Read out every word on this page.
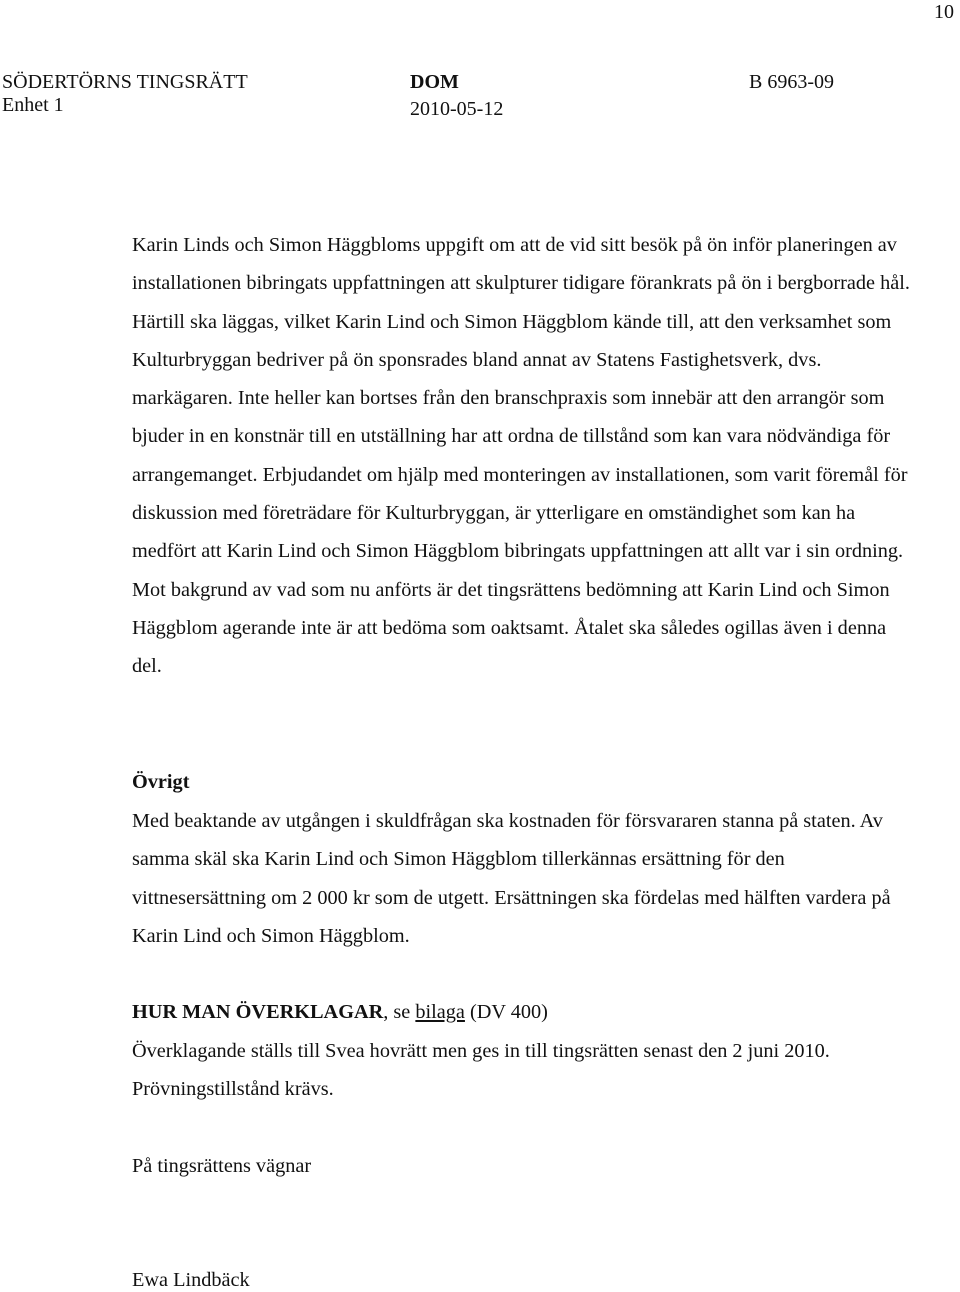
10
SÖDERTÖRNS TINGSRÄTT
Enhet 1
DOM
2010-05-12
B 6963-09

Karin Linds och Simon Häggbloms uppgift om att de vid sitt besök på ön inför planeringen av installationen bibringats uppfattningen att skulpturer tidigare förankrats på ön i bergborrade hål. Härtill ska läggas, vilket Karin Lind och Simon Häggblom kände till, att den verksamhet som Kulturbryggan bedriver på ön sponsrades bland annat av Statens Fastighetsverk, dvs. markägaren. Inte heller kan bortses från den branschpraxis som innebär att den arrangör som bjuder in en konstnär till en utställning har att ordna de tillstånd som kan vara nödvändiga för arrangemanget. Erbjudandet om hjälp med monteringen av installationen, som varit föremål för diskussion med företrädare för Kulturbryggan, är ytterligare en omständighet som kan ha medfört att Karin Lind och Simon Häggblom bibringats uppfattningen att allt var i sin ordning. Mot bakgrund av vad som nu anförts är det tingsrättens bedömning att Karin Lind och Simon Häggblom agerande inte är att bedöma som oaktsamt. Åtalet ska således ogillas även i denna del.

Övrigt

Med beaktande av utgången i skuldfrågan ska kostnaden för försvararen stanna på staten. Av samma skäl ska Karin Lind och Simon Häggblom tillerkännas ersättning för den vittnesersättning om 2 000 kr som de utgett. Ersättningen ska fördelas med hälften vardera på Karin Lind och Simon Häggblom.

HUR MAN ÖVERKLAGAR, se bilaga (DV 400)

Överklagande ställs till Svea hovrätt men ges in till tingsrätten senast den 2 juni 2010. Prövningstillstånd krävs.

På tingsrättens vägnar
Ewa Lindbäck
